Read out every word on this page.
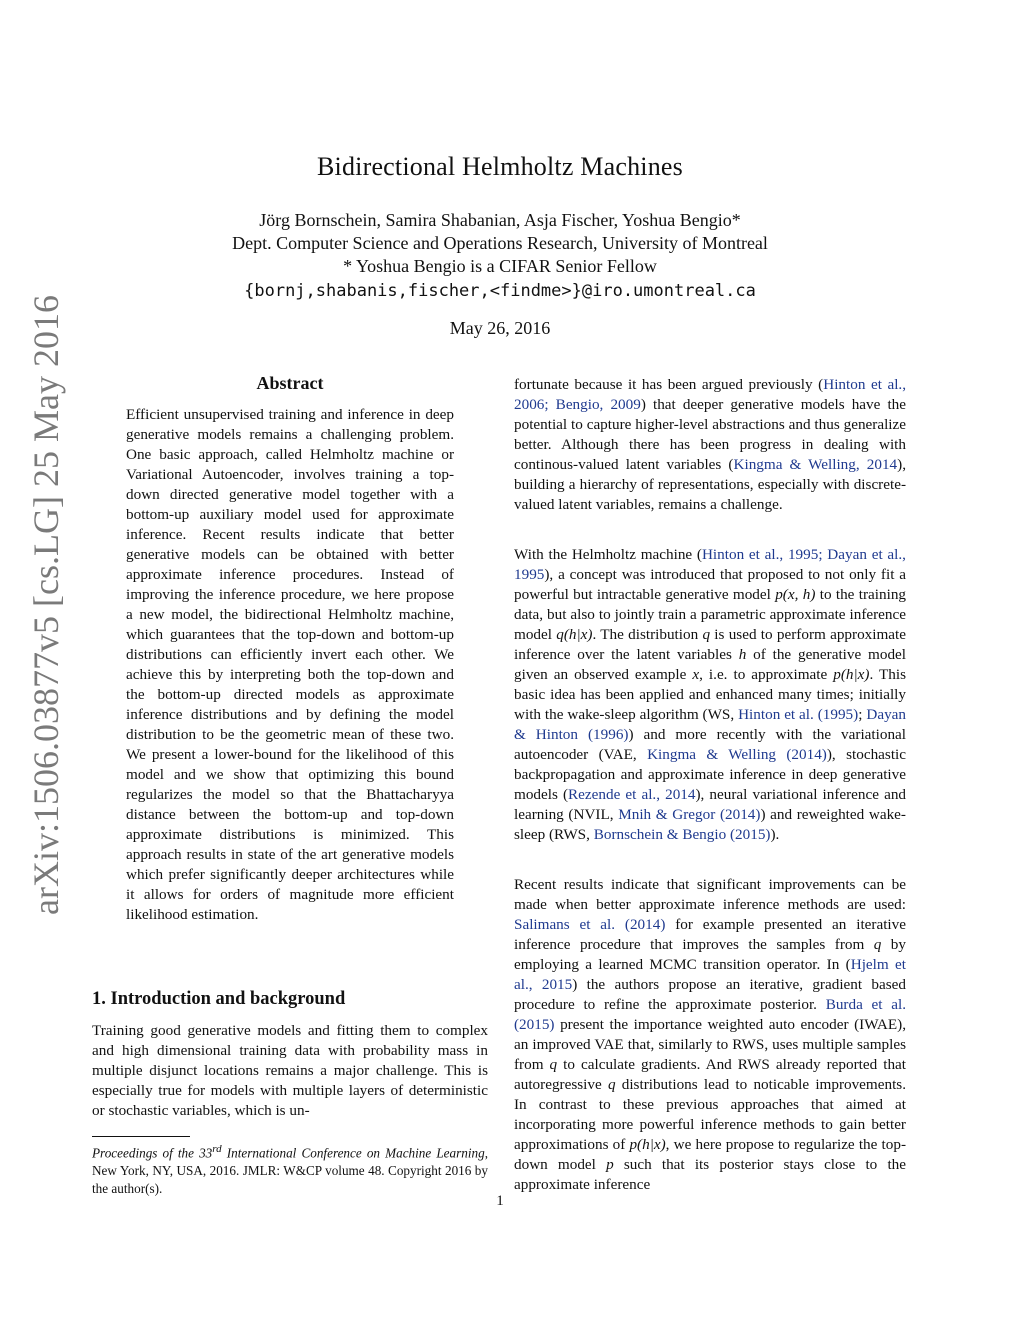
Bidirectional Helmholtz Machines
Jörg Bornschein, Samira Shabanian, Asja Fischer, Yoshua Bengio*
Dept. Computer Science and Operations Research, University of Montreal
* Yoshua Bengio is a CIFAR Senior Fellow
{bornj,shabanis,fischer,<findme>}@iro.umontreal.ca
May 26, 2016
arXiv:1506.03877v5 [cs.LG] 25 May 2016	Abstract
Efficient unsupervised training and inference in deep generative models remains a challenging problem. One basic approach, called Helmholtz machine or Variational Autoencoder, involves training a top-down directed generative model together with a bottom-up auxiliary model used for approximate inference. Recent results indicate that better generative models can be obtained with better approximate inference procedures. Instead of improving the inference procedure, we here propose a new model, the bidirectional Helmholtz machine, which guarantees that the top-down and bottom-up distributions can efficiently invert each other. We achieve this by interpreting both the top-down and the bottom-up directed models as approximate inference distributions and by defining the model distribution to be the geometric mean of these two. We present a lower-bound for the likelihood of this model and we show that optimizing this bound regularizes the model so that the Bhattacharyya distance between the bottom-up and top-down approximate distributions is minimized. This approach results in state of the art generative models which prefer significantly deeper architectures while it allows for orders of magnitude more efficient likelihood estimation.
1. Introduction and background
Training good generative models and fitting them to complex and high dimensional training data with probability mass in multiple disjunct locations remains a major challenge. This is especially true for models with multiple layers of deterministic or stochastic variables, which is un-
Proceedings of the 33rd International Conference on Machine Learning, New York, NY, USA, 2016. JMLR: W&CP volume 48. Copyright 2016 by the author(s).
1
fortunate because it has been argued previously (Hinton et al., 2006; Bengio, 2009) that deeper generative models have the potential to capture higher-level abstractions and thus generalize better. Although there has been progress in dealing with continous-valued latent variables (Kingma & Welling, 2014), building a hierarchy of representations, especially with discrete-valued latent variables, remains a challenge.
With the Helmholtz machine (Hinton et al., 1995; Dayan et al., 1995), a concept was introduced that proposed to not only fit a powerful but intractable generative model p(x, h) to the training data, but also to jointly train a parametric approximate inference model q(h|x). The distribution q is used to perform approximate inference over the latent variables h of the generative model given an observed example x, i.e. to approximate p(h|x). This basic idea has been applied and enhanced many times; initially with the wake-sleep algorithm (WS, Hinton et al. (1995); Dayan & Hinton (1996)) and more recently with the variational autoencoder (VAE, Kingma & Welling (2014)), stochastic backpropagation and approximate inference in deep generative models (Rezende et al., 2014), neural variational inference and learning (NVIL, Mnih & Gregor (2014)) and reweighted wake-sleep (RWS, Bornschein & Bengio (2015)).
Recent results indicate that significant improvements can be made when better approximate inference methods are used: Salimans et al. (2014) for example presented an iterative inference procedure that improves the samples from q by employing a learned MCMC transition operator. In (Hjelm et al., 2015) the authors propose an iterative, gradient based procedure to refine the approximate posterior. Burda et al. (2015) present the importance weighted auto encoder (IWAE), an improved VAE that, similarly to RWS, uses multiple samples from q to calculate gradients. And RWS already reported that autoregressive q distributions lead to noticable improvements. In contrast to these previous approaches that aimed at incorporating more powerful inference methods to gain better approximations of p(h|x), we here propose to regularize the top-down model p such that its posterior stays close to the approximate inference
